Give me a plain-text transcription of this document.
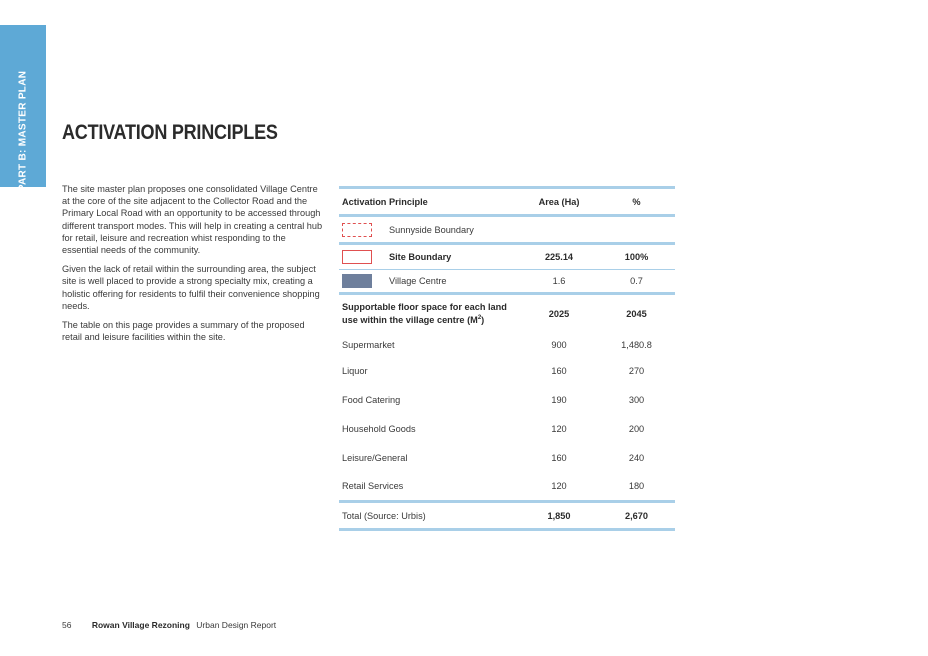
PART B: MASTER PLAN ACTIVATION PRINCIPLES

The site master plan proposes one consolidated Village Centre at the core of the site adjacent to the Collector Road and the Primary Local Road with an opportunity to be accessed through different transport modes. This will help in creating a central hub for retail, leisure and recreation whist responding to the essential needs of the community.

Given the lack of retail within the surrounding area, the subject site is well placed to provide a strong specialty mix, creating a holistic offering for residents to fulfil their convenience shopping needs.

The table on this page provides a summary of the proposed retail and leisure facilities within the site.

Activation Principle	Area (Ha)	%

Sunnyside Boundary		

Site Boundary	225.14	100%

Village Centre	1.6	0.7
Supportable floor space for each land use within the village centre $(M^2)$	2025	2045
Supermarket	900	1,480.8
Liquor	160	270
Food Catering	190	300
Household Goods	120	200
Leisure/General	160	240
Retail Services	120	180
Total (Source: Urbis)	1,850	2,670
56 Rowan Village Rezoning Urban Design Report
